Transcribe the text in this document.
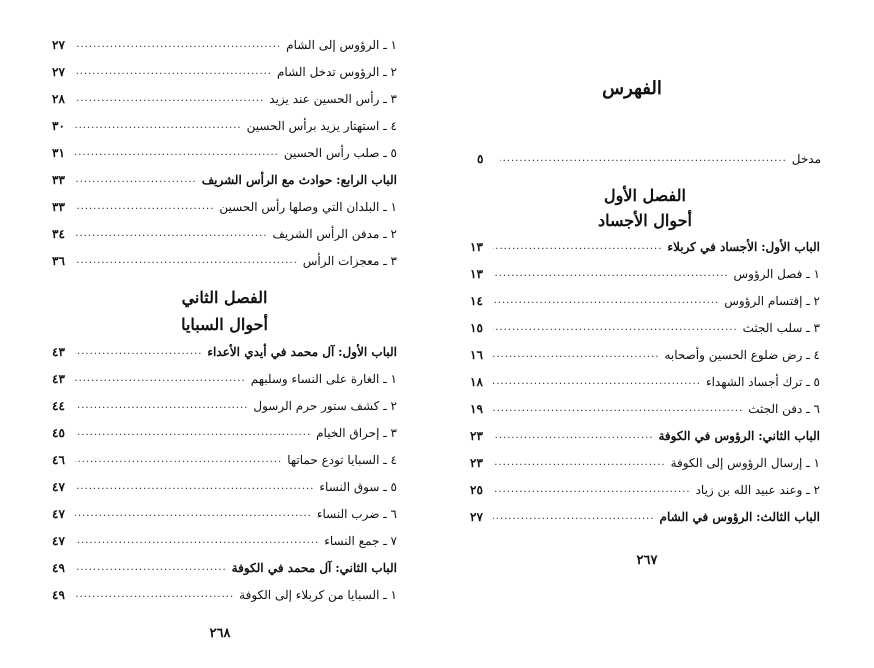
١ ـ الرؤوس إلى الشام
.....
٢٧
٢ ـ الرؤوس تدخل الشام
.....
٢٧
٣ ـ رأس الحسين عند يزيد
.....
٢٨
٤ ـ استهتار يزيد برأس الحسين
.....
٣٠
٥ ـ صلب رأس الحسين
.....
٣١
الباب الرابع: حوادث مع الرأس الشريف
.....
٣٣
١ ـ البلدان التي وصلها رأس الحسين
.....
٣٣
٢ ـ مدفن الرأس الشريف
.....
٣٤
٣ ـ معجزات الرأس
.....
٣٦
الفصل الثاني
أحوال السبايا
الباب الأول: آل محمد في أيدي الأعداء
.....
٤٣
١ ـ الغارة على النساء وسلبهم
.....
٤٣
٢ ـ كشف ستور حرم الرسول
.....
٤٤
٣ ـ إحراق الخيام
.....
٤٥
٤ ـ السبايا تودع حماتها
.....
٤٦
٥ ـ سوق النساء
.....
٤٧
٦ ـ ضرب النساء
.....
٤٧
٧ ـ جمع النساء
.....
٤٧
الباب الثاني: آل محمد في الكوفة
.....
٤٩
١ ـ السبايا من كربلاء إلى الكوفة
.....
٤٩
٢٦٨
الفهرس
مدخل
.....
٥
الفصل الأول
أحوال الأجساد
الباب الأول: الأجساد في كربلاء
.....
١٣
١ ـ فصل الرؤوس
.....
١٣
٢ ـ إقتسام الرؤوس
.....
١٤
٣ ـ سلب الجثث
.....
١٥
٤ ـ رض ضلوع الحسين وأصحابه
.....
١٦
٥ ـ ترك أجساد الشهداء
.....
١٨
٦ ـ دفن الجثث
.....
١٩
الباب الثاني: الرؤوس في الكوفة
.....
٢٣
١ ـ إرسال الرؤوس إلى الكوفة
.....
٢٣
٢ ـ وعند عبيد الله بن زياد
.....
٢٥
الباب الثالث: الرؤوس في الشام
.....
٢٧
٢٦٧
